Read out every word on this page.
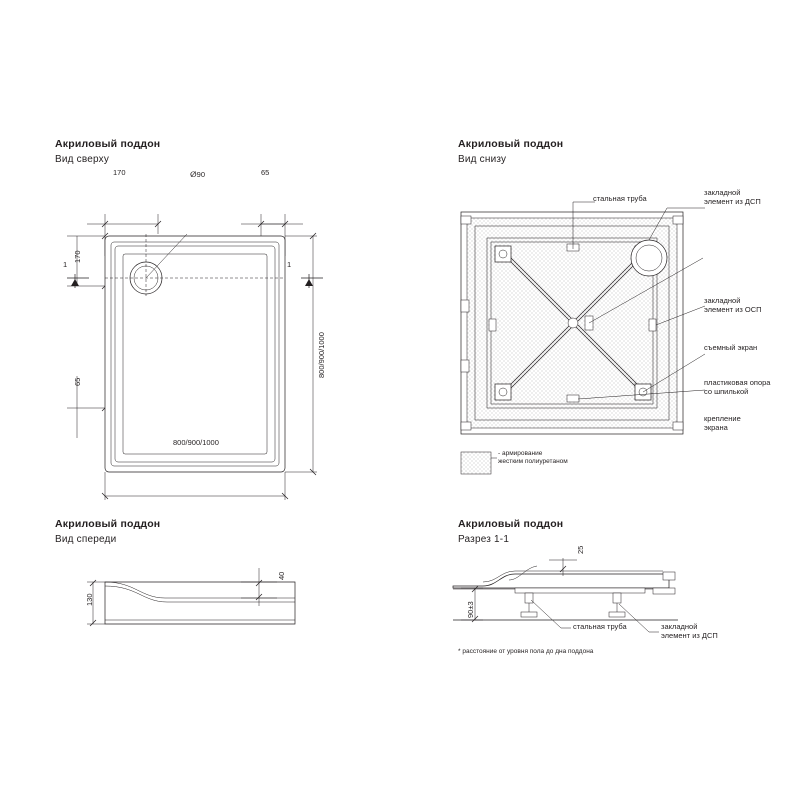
Акриловый поддон
Вид сверху
170	ⵁ90	65
170
65
800/900/1000
800/900/1000
1	1
Акриловый поддон
Вид снизу
стальная труба
закладной
элемент из ДСП
закладной
элемент из ОСП
съемный экран
пластиковая опора
со шпилькой
крепление
экрана
- армирование
жестким полиуретаном
Акриловый поддон
Вид спереди
130
40
Акриловый поддон
Разрез 1-1
25
90±3
стальная труба	закладной
элемент из ДСП
* расстояние от уровня пола до дна поддона
